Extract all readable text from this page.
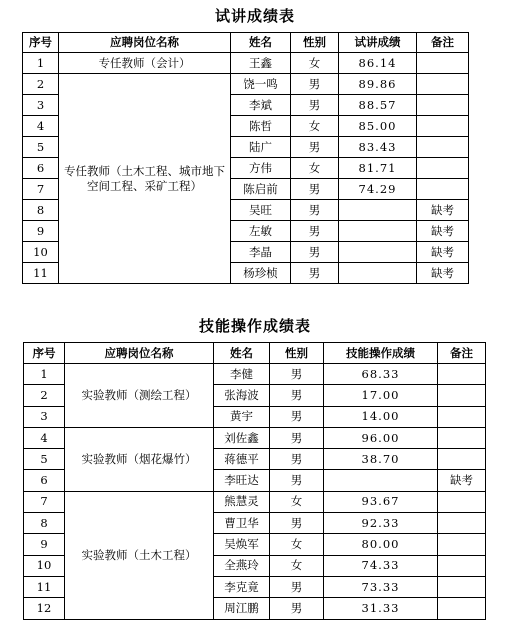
试讲成绩表
序号	应聘岗位名称	姓名	性别	试讲成绩	备注
1	专任教师（会计）	王鑫	女	86.14	
2	专任教师（土木工程、城市地下空间工程、采矿工程）	饶一鸣	男	89.86	
3		李斌	男	88.57	
4		陈哲	女	85.00	
5		陆广	男	83.43	
6		方伟	女	81.71	
7		陈启前	男	74.29	
8		吴旺	男		缺考
9		左敏	男		缺考
10		李晶	男		缺考
11		杨珍桢	男		缺考
技能操作成绩表
序号	应聘岗位名称	姓名	性别	技能操作成绩	备注
1	实验教师（测绘工程）	李健	男	68.33	
2		张海波	男	17.00	
3		黄宇	男	14.00	
4	实验教师（烟花爆竹）	刘佐鑫	男	96.00	
5		蒋德平	男	38.70	
6		李旺达	男		缺考
7	实验教师（土木工程）	熊慧灵	女	93.67	
8		曹卫华	男	92.33	
9		吴焕军	女	80.00	
10		全燕玲	女	74.33	
11		李克竟	男	73.33	
12		周江鹏	男	31.33	
